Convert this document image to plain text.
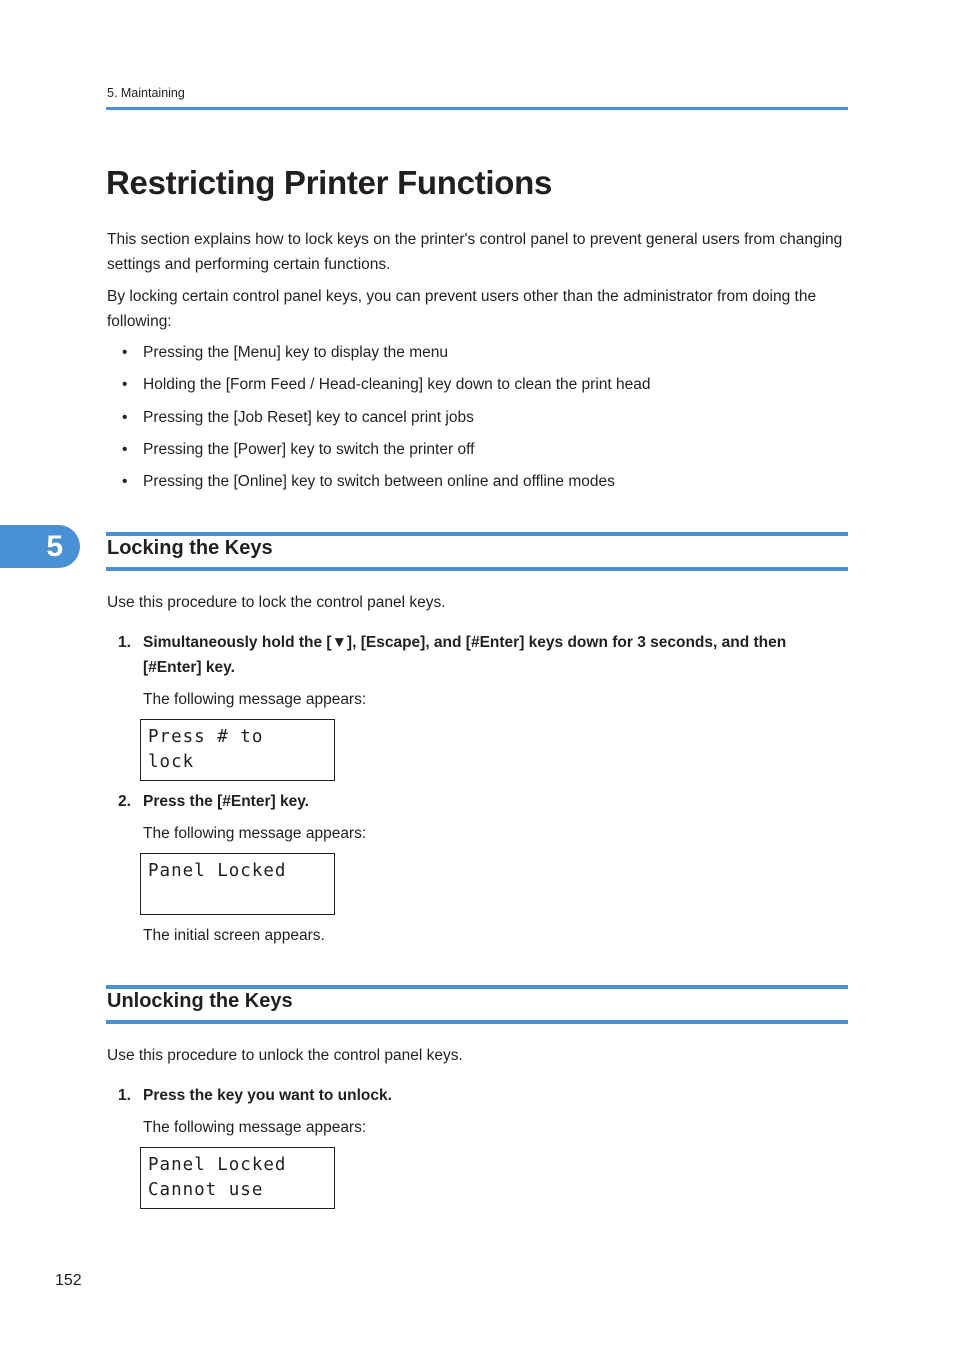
5. Maintaining
Restricting Printer Functions

This section explains how to lock keys on the printer's control panel to prevent general users from changing settings and performing certain functions.

By locking certain control panel keys, you can prevent users other than the administrator from doing the following:

• Pressing the [Menu] key to display the menu
• Holding the [Form Feed / Head-cleaning] key down to clean the print head
• Pressing the [Job Reset] key to cancel print jobs
• Pressing the [Power] key to switch the printer off
• Pressing the [Online] key to switch between online and offline modes
5	Locking the Keys

Use this procedure to lock the control panel keys.

1. Simultaneously hold the [▼], [Escape], and [#Enter] keys down for 3 seconds, and then
[#Enter] key.

The following message appears:

Press # to
lock
2. Press the [#Enter] key.

The following message appears:

Panel Locked

The initial screen appears.

Unlocking the Keys

Use this procedure to unlock the control panel keys.

1. Press the key you want to unlock.

The following message appears:

Panel Locked
Cannot use
152
